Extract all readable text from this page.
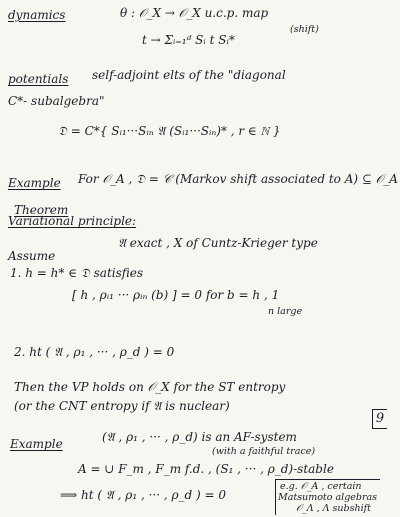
dynamics	θ : 𝒪_X → 𝒪_X u.c.p. map
t → Σᵢ₌₁ᵈ Sᵢ t Sᵢ*
(shift)
potentials self-adjoint elts of the "diagonal
C*- subalgebra"
𝔇 = C*{ Sᵢ₁···Sᵢₙ 𝔄 (Sᵢ₁···Sᵢₙ)* , r ∈ ℕ }
Example For 𝒪_A , 𝔇 = 𝒞 (Markov shift associated to A) ⊆ 𝒪_A
Theorem
Variational principle:
𝔄 exact , X of Cuntz-Krieger type
Assume
1. h = h* ∈ 𝔇 satisfies
[ h , ρᵢ₁ ··· ρᵢₙ (b) ] = 0 for b = h , 1
n large
2. ht ( 𝔄 , ρ₁ , ··· , ρ_d ) = 0
Then the VP holds on 𝒪_X for the ST entropy
(or the CNT entropy if 𝔄 is nuclear)
Example	(𝔄 , ρ₁ , ··· , ρ_d) is an AF-system
(with a faithful trace)
9
A = ∪ F_m , F_m f.d. , (S₁ , ··· , ρ_d)-stable
⟹ ht ( 𝔄 , ρ₁ , ··· , ρ_d ) = 0
e.g. 𝒪_A , certain
Matsumoto algebras
𝒪_Λ , Λ subshift
